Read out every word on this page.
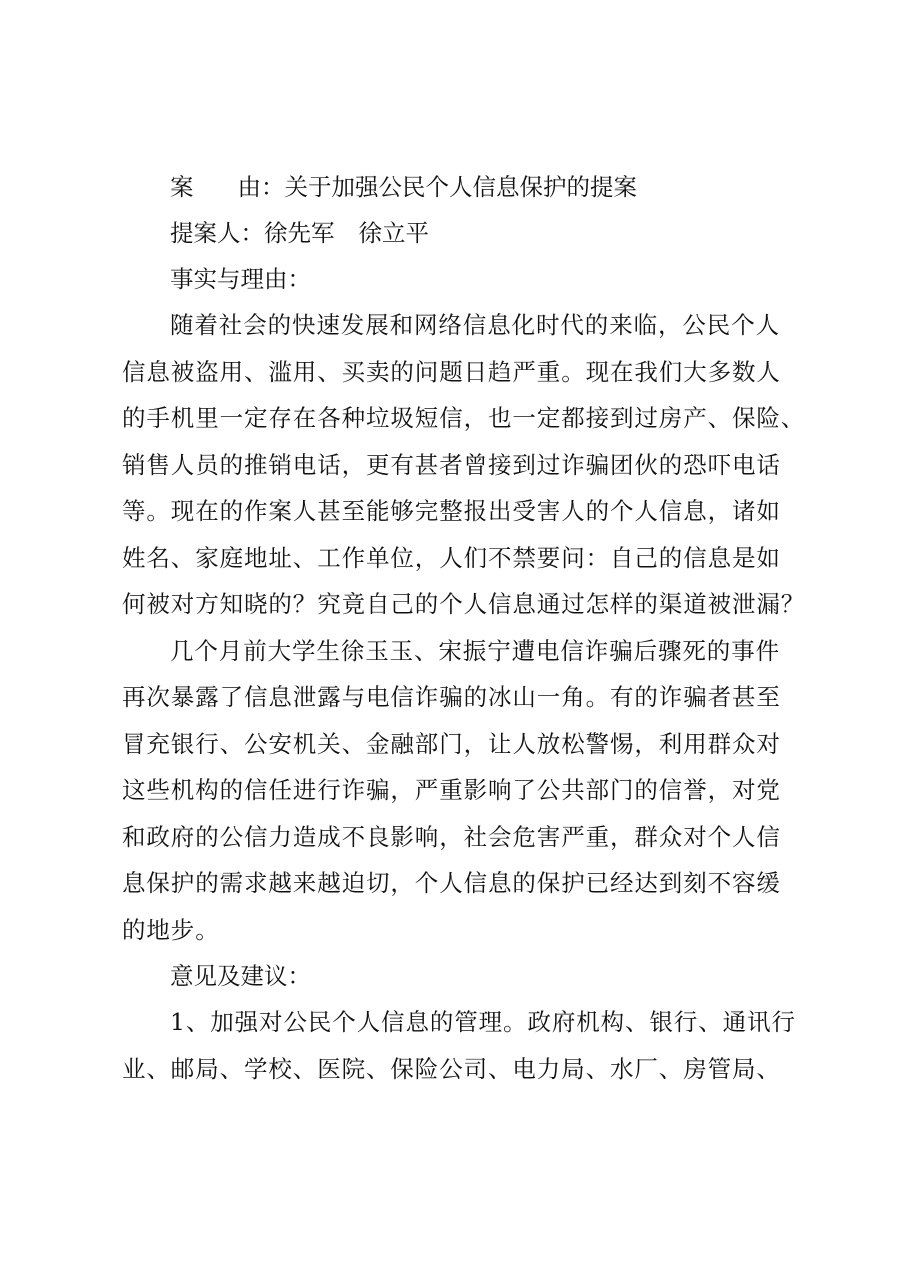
案 由：关于加强公民个人信息保护的提案
提案人：徐先军 徐立平
事实与理由：

随着社会的快速发展和网络信息化时代的来临，公民个人
信息被盗用、滥用、买卖的问题日趋严重。现在我们大多数人
的手机里一定存在各种垃圾短信，也一定都接到过房产、保险、
销售人员的推销电话，更有甚者曾接到过诈骗团伙的恐吓电话
等。现在的作案人甚至能够完整报出受害人的个人信息，诸如
姓名、家庭地址、工作单位，人们不禁要问：自己的信息是如
何被对方知晓的？究竟自己的个人信息通过怎样的渠道被泄漏？

几个月前大学生徐玉玉、宋振宁遭电信诈骗后骤死的事件
再次暴露了信息泄露与电信诈骗的冰山一角。有的诈骗者甚至
冒充银行、公安机关、金融部门，让人放松警惕，利用群众对
这些机构的信任进行诈骗，严重影响了公共部门的信誉，对党
和政府的公信力造成不良影响，社会危害严重，群众对个人信
息保护的需求越来越迫切，个人信息的保护已经达到刻不容缓
的地步。

意见及建议：

1、加强对公民个人信息的管理。政府机构、银行、通讯行
业、邮局、学校、医院、保险公司、电力局、水厂、房管局、
